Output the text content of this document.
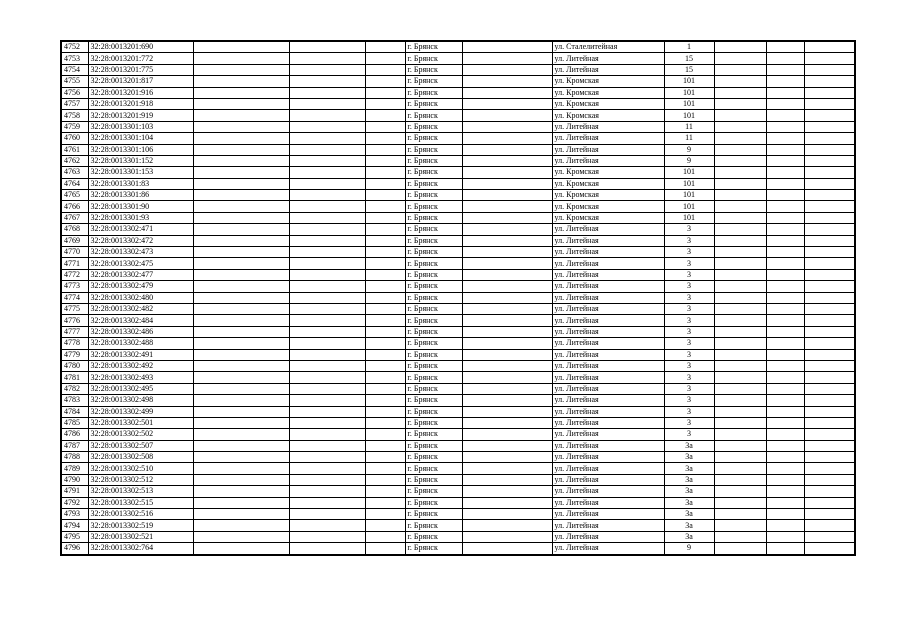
4752	32:28:0013201:690				г. Брянск		ул. Сталелитейная	1			
4753	32:28:0013201:772				г. Брянск		ул. Литейная	15			
4754	32:28:0013201:775				г. Брянск		ул. Литейная	15			
4755	32:28:0013201:817				г. Брянск		ул. Кромская	101			
4756	32:28:0013201:916				г. Брянск		ул. Кромская	101			
4757	32:28:0013201:918				г. Брянск		ул. Кромская	101			
4758	32:28:0013201:919				г. Брянск		ул. Кромская	101			
4759	32:28:0013301:103				г. Брянск		ул. Литейная	11			
4760	32:28:0013301:104				г. Брянск		ул. Литейная	11			
4761	32:28:0013301:106				г. Брянск		ул. Литейная	9			
4762	32:28:0013301:152				г. Брянск		ул. Литейная	9			
4763	32:28:0013301:153				г. Брянск		ул. Кромская	101			
4764	32:28:0013301:83				г. Брянск		ул. Кромская	101			
4765	32:28:0013301:86				г. Брянск		ул. Кромская	101			
4766	32:28:0013301:90				г. Брянск		ул. Кромская	101			
4767	32:28:0013301:93				г. Брянск		ул. Кромская	101			
4768	32:28:0013302:471				г. Брянск		ул. Литейная	3			
4769	32:28:0013302:472				г. Брянск		ул. Литейная	3			
4770	32:28:0013302:473				г. Брянск		ул. Литейная	3			
4771	32:28:0013302:475				г. Брянск		ул. Литейная	3			
4772	32:28:0013302:477				г. Брянск		ул. Литейная	3			
4773	32:28:0013302:479				г. Брянск		ул. Литейная	3			
4774	32:28:0013302:480				г. Брянск		ул. Литейная	3			
4775	32:28:0013302:482				г. Брянск		ул. Литейная	3			
4776	32:28:0013302:484				г. Брянск		ул. Литейная	3			
4777	32:28:0013302:486				г. Брянск		ул. Литейная	3			
4778	32:28:0013302:488				г. Брянск		ул. Литейная	3			
4779	32:28:0013302:491				г. Брянск		ул. Литейная	3			
4780	32:28:0013302:492				г. Брянск		ул. Литейная	3			
4781	32:28:0013302:493				г. Брянск		ул. Литейная	3			
4782	32:28:0013302:495				г. Брянск		ул. Литейная	3			
4783	32:28:0013302:498				г. Брянск		ул. Литейная	3			
4784	32:28:0013302:499				г. Брянск		ул. Литейная	3			
4785	32:28:0013302:501				г. Брянск		ул. Литейная	3			
4786	32:28:0013302:502				г. Брянск		ул. Литейная	3			
4787	32:28:0013302:507				г. Брянск		ул. Литейная	3а			
4788	32:28:0013302:508				г. Брянск		ул. Литейная	3а			
4789	32:28:0013302:510				г. Брянск		ул. Литейная	3а			
4790	32:28:0013302:512				г. Брянск		ул. Литейная	3а			
4791	32:28:0013302:513				г. Брянск		ул. Литейная	3а			
4792	32:28:0013302:515				г. Брянск		ул. Литейная	3а			
4793	32:28:0013302:516				г. Брянск		ул. Литейная	3а			
4794	32:28:0013302:519				г. Брянск		ул. Литейная	3а			
4795	32:28:0013302:521				г. Брянск		ул. Литейная	3а			
4796	32:28:0013302:764				г. Брянск		ул. Литейная	9			
